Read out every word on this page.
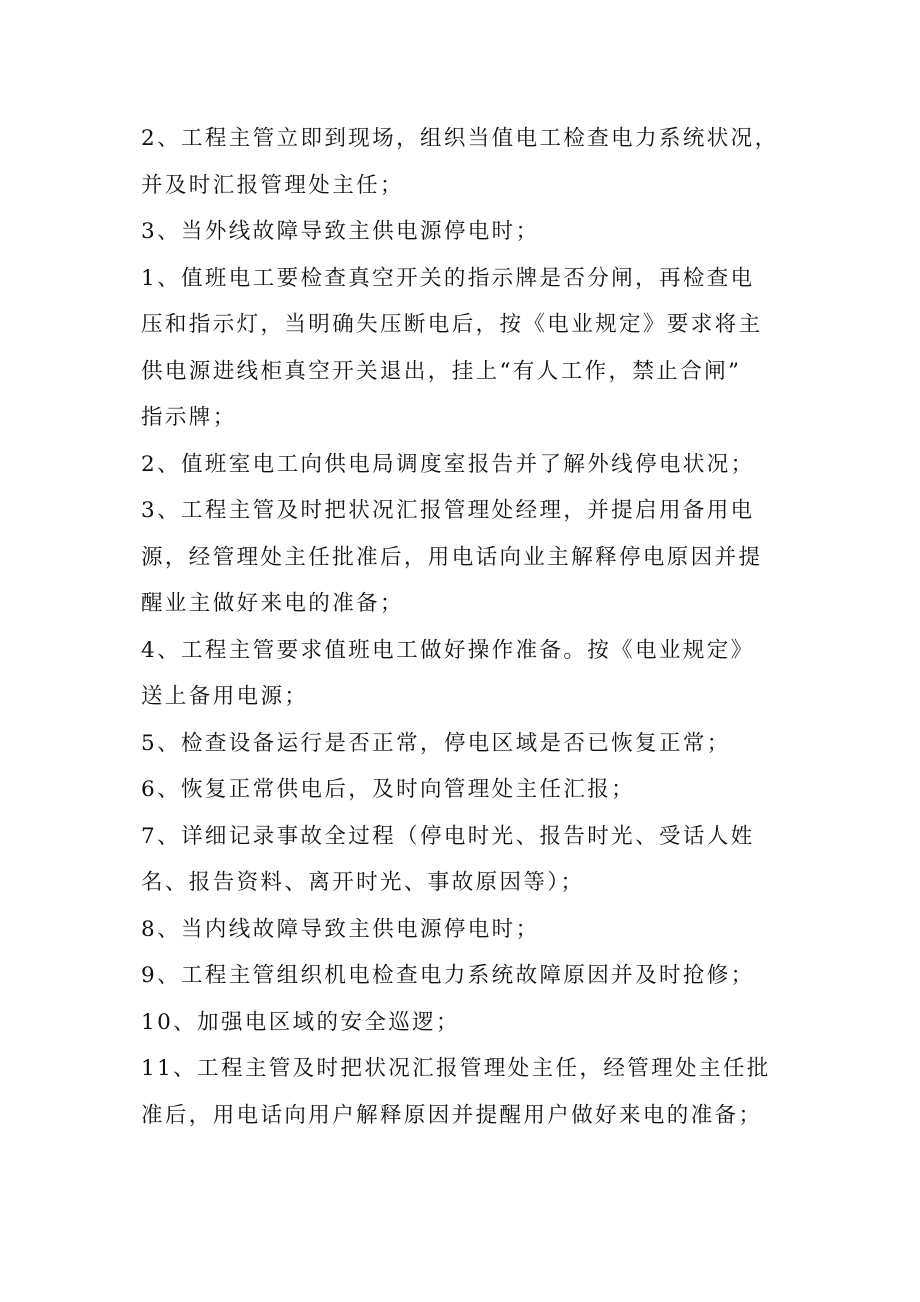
2、工程主管立即到现场，组织当值电工检查电力系统状况，
并及时汇报管理处主任；
3、当外线故障导致主供电源停电时；
1、值班电工要检查真空开关的指示牌是否分闸，再检查电
压和指示灯，当明确失压断电后，按《电业规定》要求将主
供电源进线柜真空开关退出，挂上“有人工作，禁止合闸”
指示牌；
2、值班室电工向供电局调度室报告并了解外线停电状况；
3、工程主管及时把状况汇报管理处经理，并提启用备用电
源，经管理处主任批准后，用电话向业主解释停电原因并提
醒业主做好来电的准备；
4、工程主管要求值班电工做好操作准备。按《电业规定》
送上备用电源；
5、检查设备运行是否正常，停电区域是否已恢复正常；
6、恢复正常供电后，及时向管理处主任汇报；
7、详细记录事故全过程（停电时光、报告时光、受话人姓
名、报告资料、离开时光、事故原因等）；
8、当内线故障导致主供电源停电时；
9、工程主管组织机电检查电力系统故障原因并及时抢修；
10、加强电区域的安全巡逻；
11、工程主管及时把状况汇报管理处主任，经管理处主任批
准后，用电话向用户解释原因并提醒用户做好来电的准备；
